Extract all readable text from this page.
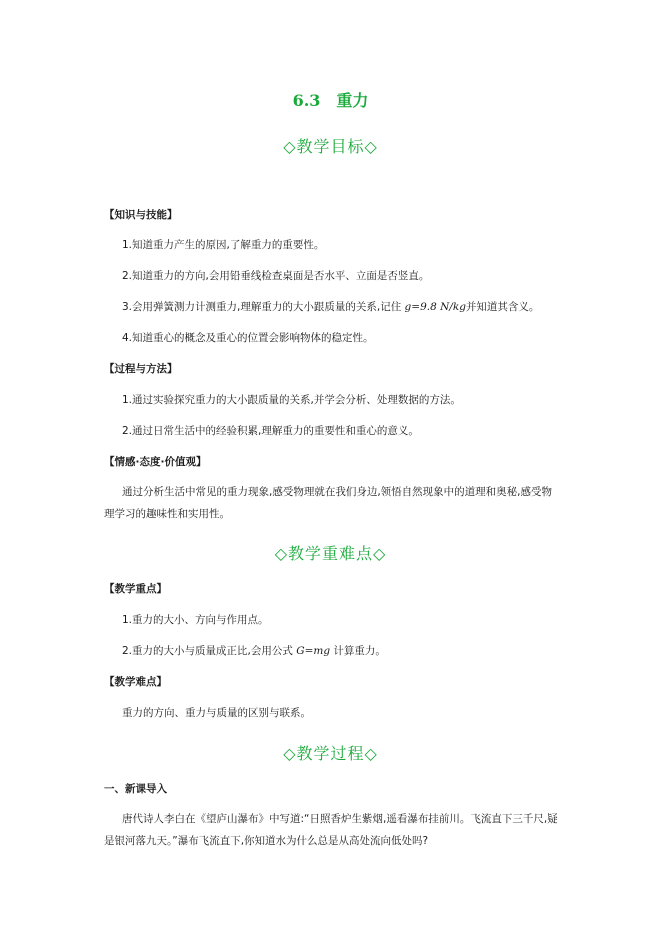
6.3 重力
◇教学目标◇
【知识与技能】
1.知道重力产生的原因,了解重力的重要性。
2.知道重力的方向,会用铅垂线检查桌面是否水平、立面是否竖直。
3.会用弹簧测力计测重力,理解重力的大小跟质量的关系,记住 g=9.8 N/kg并知道其含义。
4.知道重心的概念及重心的位置会影响物体的稳定性。
【过程与方法】
1.通过实验探究重力的大小跟质量的关系,并学会分析、处理数据的方法。
2.通过日常生活中的经验积累,理解重力的重要性和重心的意义。
【情感·态度·价值观】
通过分析生活中常见的重力现象,感受物理就在我们身边,领悟自然现象中的道理和奥秘,感受物理学习的趣味性和实用性。
◇教学重难点◇
【教学重点】
1.重力的大小、方向与作用点。
2.重力的大小与质量成正比,会用公式 G=mg 计算重力。
【教学难点】
重力的方向、重力与质量的区别与联系。
◇教学过程◇
一、新课导入
唐代诗人李白在《望庐山瀑布》中写道:“日照香炉生紫烟,遥看瀑布挂前川。飞流直下三千尺,疑是银河落九天。”瀑布飞流直下,你知道水为什么总是从高处流向低处吗?
